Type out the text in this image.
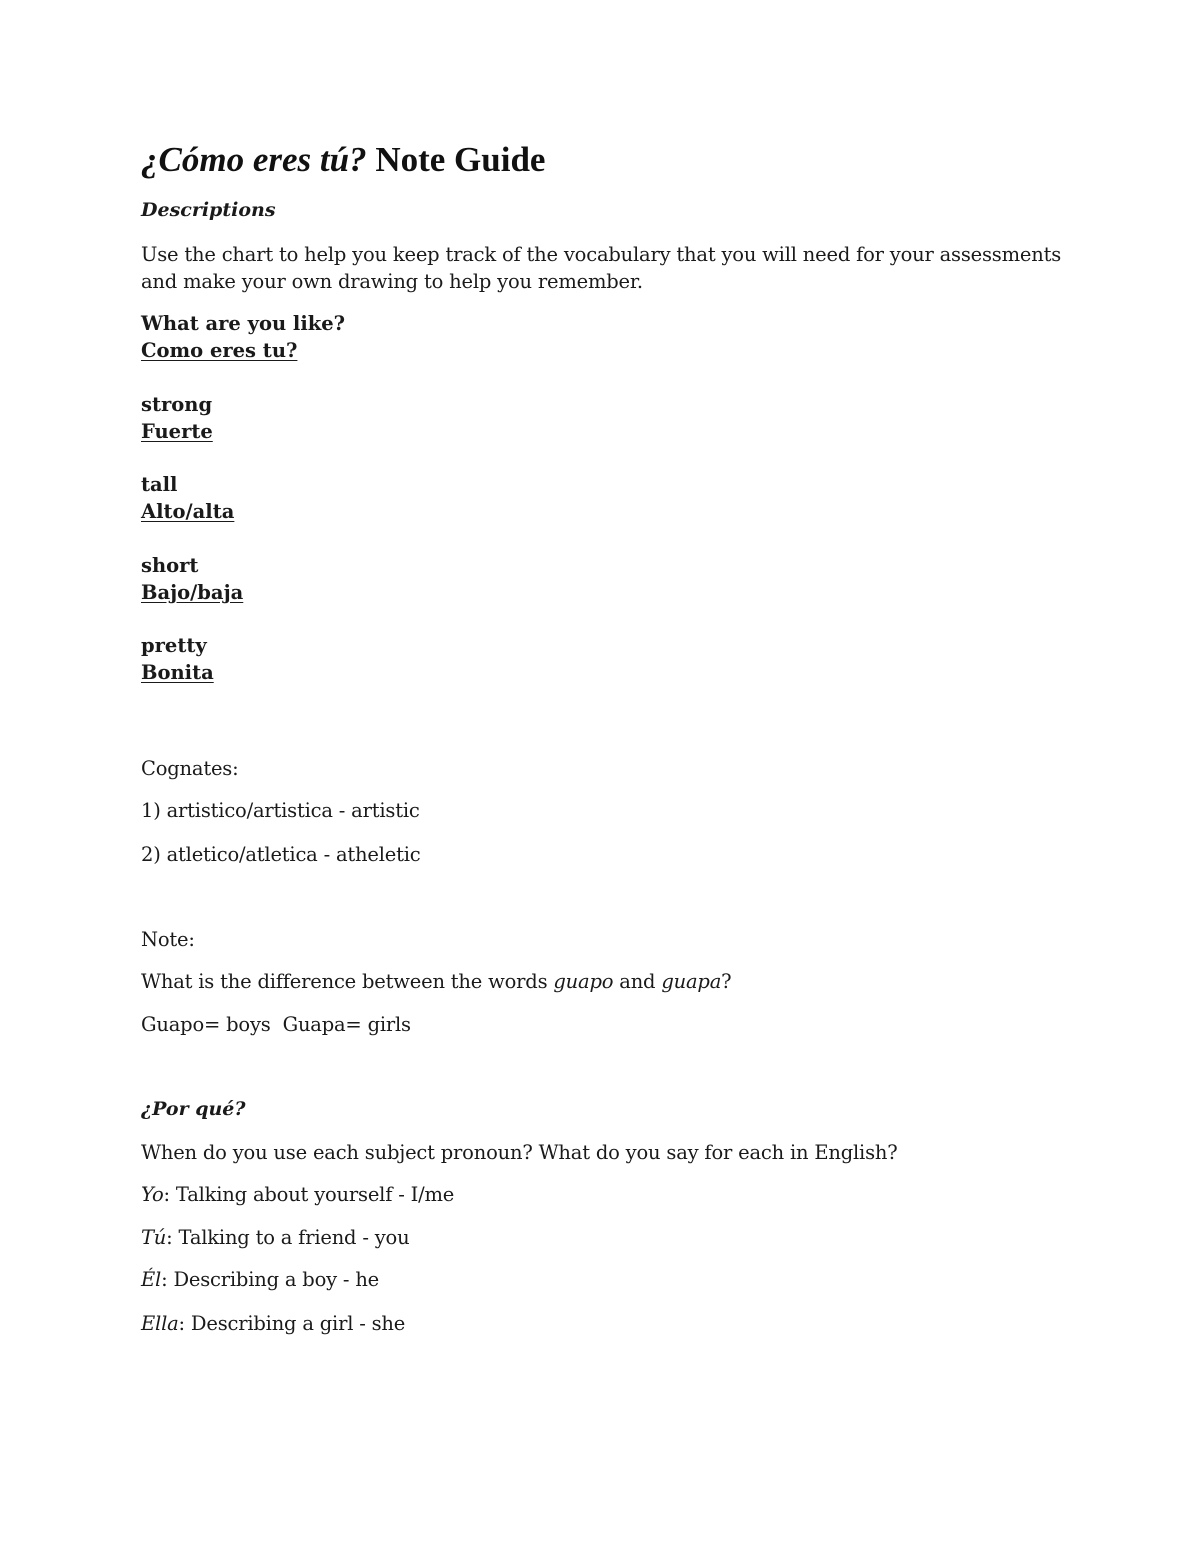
¿Cómo eres tú? Note Guide
Descriptions
Use the chart to help you keep track of the vocabulary that you will need for your assessments
and make your own drawing to help you remember.
What are you like?
Como eres tu?
strong
Fuerte
tall
Alto/alta
short
Bajo/baja
pretty
Bonita
Cognates:
1) artistico/artistica - artistic
2) atletico/atletica - atheletic
Note:
What is the difference between the words guapo and guapa?
Guapo= boys  Guapa= girls
¿Por qué?
When do you use each subject pronoun? What do you say for each in English?
Yo: Talking about yourself - I/me
Tú: Talking to a friend - you
Él: Describing a boy - he
Ella: Describing a girl - she
